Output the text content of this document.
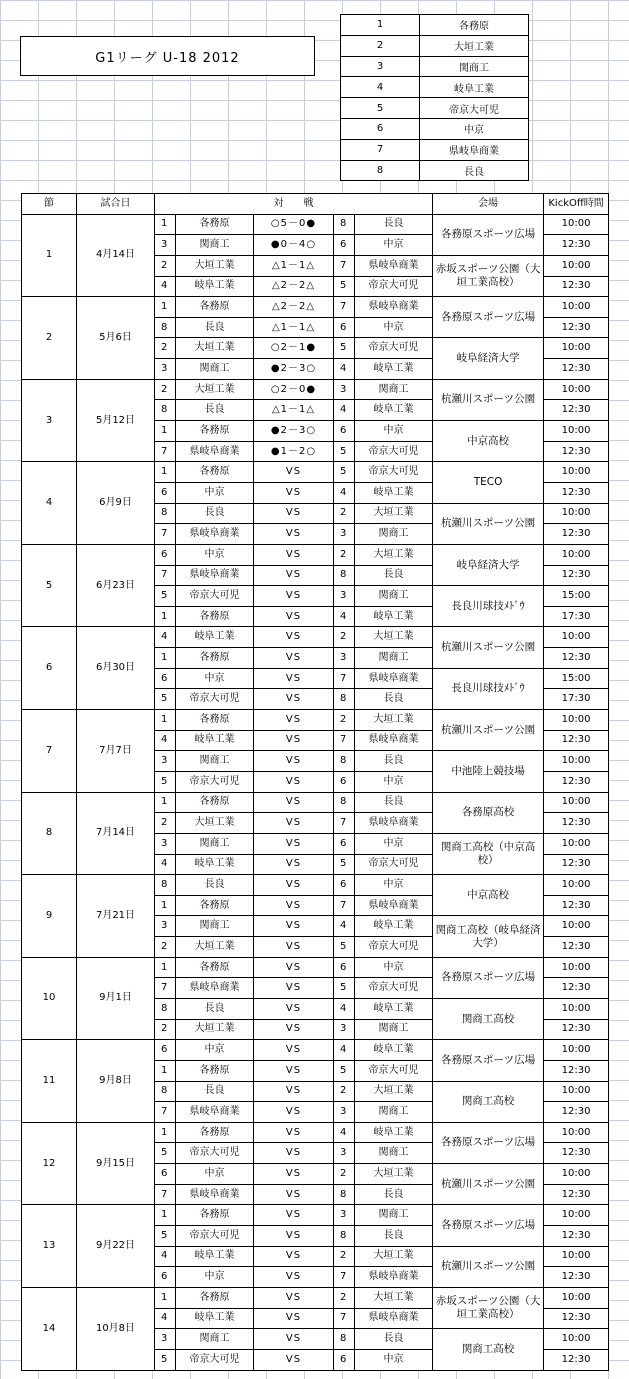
G1リーグ U-18 2012
1	各務原
2	大垣工業
3	関商工
4	岐阜工業
5	帝京大可児
6	中京
7	県岐阜商業
8	長良
節	試合日	対　　戦					会場	KickOff時間
1	4月14日	1	各務原	○5－0●	8	長良	各務原スポーツ広場	10:00
		3	関商工	●0－4○	6	中京		12:30
		2	大垣工業	△1－1△	7	県岐阜商業	赤坂スポーツ公園（大垣工業高校）	10:00
		4	岐阜工業	△2－2△	5	帝京大可児		12:30
2	5月6日	1	各務原	△2－2△	7	県岐阜商業	各務原スポーツ広場	10:00
		8	長良	△1－1△	6	中京		12:30
		2	大垣工業	○2－1●	5	帝京大可児	岐阜経済大学	10:00
		3	関商工	●2－3○	4	岐阜工業		12:30
3	5月12日	2	大垣工業	○2－0●	3	関商工	杭瀬川スポーツ公園	10:00
		8	長良	△1－1△	4	岐阜工業		12:30
		1	各務原	●2－3○	6	中京	中京高校	10:00
		7	県岐阜商業	●1－2○	5	帝京大可児		12:30
4	6月9日	1	各務原	VS	5	帝京大可児	TECO	10:00
		6	中京	VS	4	岐阜工業		12:30
		8	長良	VS	2	大垣工業	杭瀬川スポーツ公園	10:00
		7	県岐阜商業	VS	3	関商工		12:30
5	6月23日	6	中京	VS	2	大垣工業	岐阜経済大学	10:00
		7	県岐阜商業	VS	8	長良		12:30
		5	帝京大可児	VS	3	関商工	長良川球技ﾒﾄﾞｳ	15:00
		1	各務原	VS	4	岐阜工業		17:30
6	6月30日	4	岐阜工業	VS	2	大垣工業	杭瀬川スポーツ公園	10:00
		1	各務原	VS	3	関商工		12:30
		6	中京	VS	7	県岐阜商業	長良川球技ﾒﾄﾞｳ	15:00
		5	帝京大可児	VS	8	長良		17:30
7	7月7日	1	各務原	VS	2	大垣工業	杭瀬川スポーツ公園	10:00
		4	岐阜工業	VS	7	県岐阜商業		12:30
		3	関商工	VS	8	長良	中池陸上競技場	10:00
		5	帝京大可児	VS	6	中京		12:30
8	7月14日	1	各務原	VS	8	長良	各務原高校	10:00
		2	大垣工業	VS	7	県岐阜商業		12:30
		3	関商工	VS	6	中京	関商工高校（中京高校）	10:00
		4	岐阜工業	VS	5	帝京大可児		12:30
9	7月21日	8	長良	VS	6	中京	中京高校	10:00
		1	各務原	VS	7	県岐阜商業		12:30
		3	関商工	VS	4	岐阜工業	関商工高校（岐阜経済大学）	10:00
		2	大垣工業	VS	5	帝京大可児		12:30
10	9月1日	1	各務原	VS	6	中京	各務原スポーツ広場	10:00
		7	県岐阜商業	VS	5	帝京大可児		12:30
		8	長良	VS	4	岐阜工業	関商工高校	10:00
		2	大垣工業	VS	3	関商工		12:30
11	9月8日	6	中京	VS	4	岐阜工業	各務原スポーツ広場	10:00
		1	各務原	VS	5	帝京大可児		12:30
		8	長良	VS	2	大垣工業	関商工高校	10:00
		7	県岐阜商業	VS	3	関商工		12:30
12	9月15日	1	各務原	VS	4	岐阜工業	各務原スポーツ広場	10:00
		5	帝京大可児	VS	3	関商工		12:30
		6	中京	VS	2	大垣工業	杭瀬川スポーツ公園	10:00
		7	県岐阜商業	VS	8	長良		12:30
13	9月22日	1	各務原	VS	3	関商工	各務原スポーツ広場	10:00
		5	帝京大可児	VS	8	長良		12:30
		4	岐阜工業	VS	2	大垣工業	杭瀬川スポーツ公園	10:00
		6	中京	VS	7	県岐阜商業		12:30
14	10月8日	1	各務原	VS	2	大垣工業	赤坂スポーツ公園（大垣工業高校）	10:00
		4	岐阜工業	VS	7	県岐阜商業		12:30
		3	関商工	VS	8	長良	関商工高校	10:00
		5	帝京大可児	VS	6	中京		12:30
